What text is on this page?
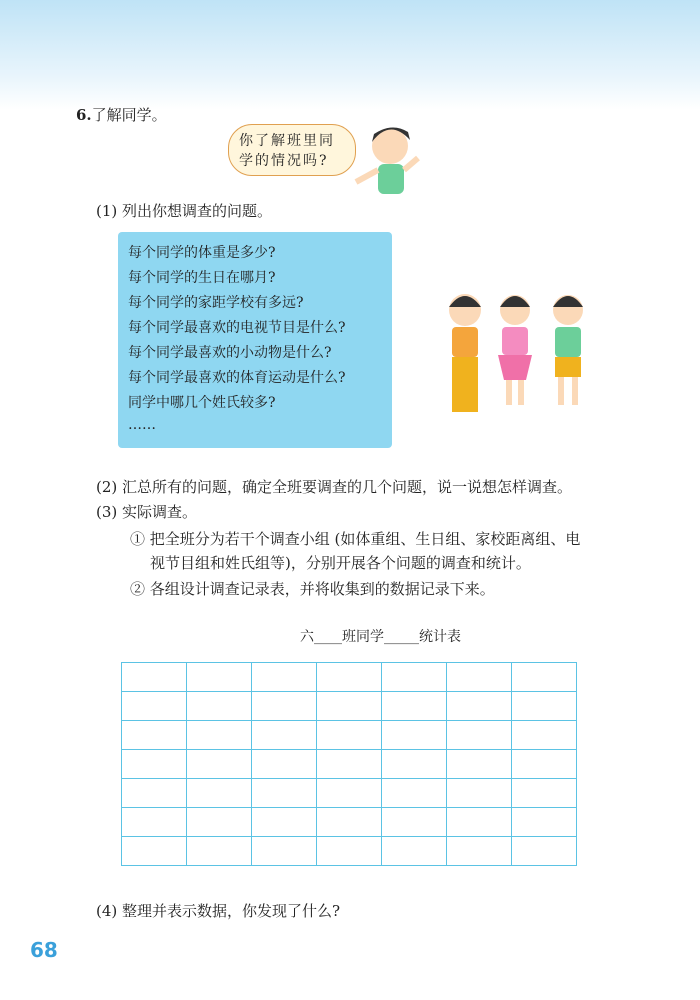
6.了解同学。
你了解班里同学的情况吗?
(1) 列出你想调查的问题。
每个同学的体重是多少?
每个同学的生日在哪月?
每个同学的家距学校有多远?
每个同学最喜欢的电视节目是什么?
每个同学最喜欢的小动物是什么?
每个同学最喜欢的体育运动是什么?
同学中哪几个姓氏较多?
……
(2) 汇总所有的问题，确定全班要调查的几个问题，说一说想怎样调查。
(3) 实际调查。
① 把全班分为若干个调查小组 (如体重组、生日组、家校距离组、电
视节目组和姓氏组等)，分别开展各个问题的调查和统计。
② 各组设计调查记录表，并将收集到的数据记录下来。
六____班同学_____统计表

(4) 整理并表示数据，你发现了什么?
68
